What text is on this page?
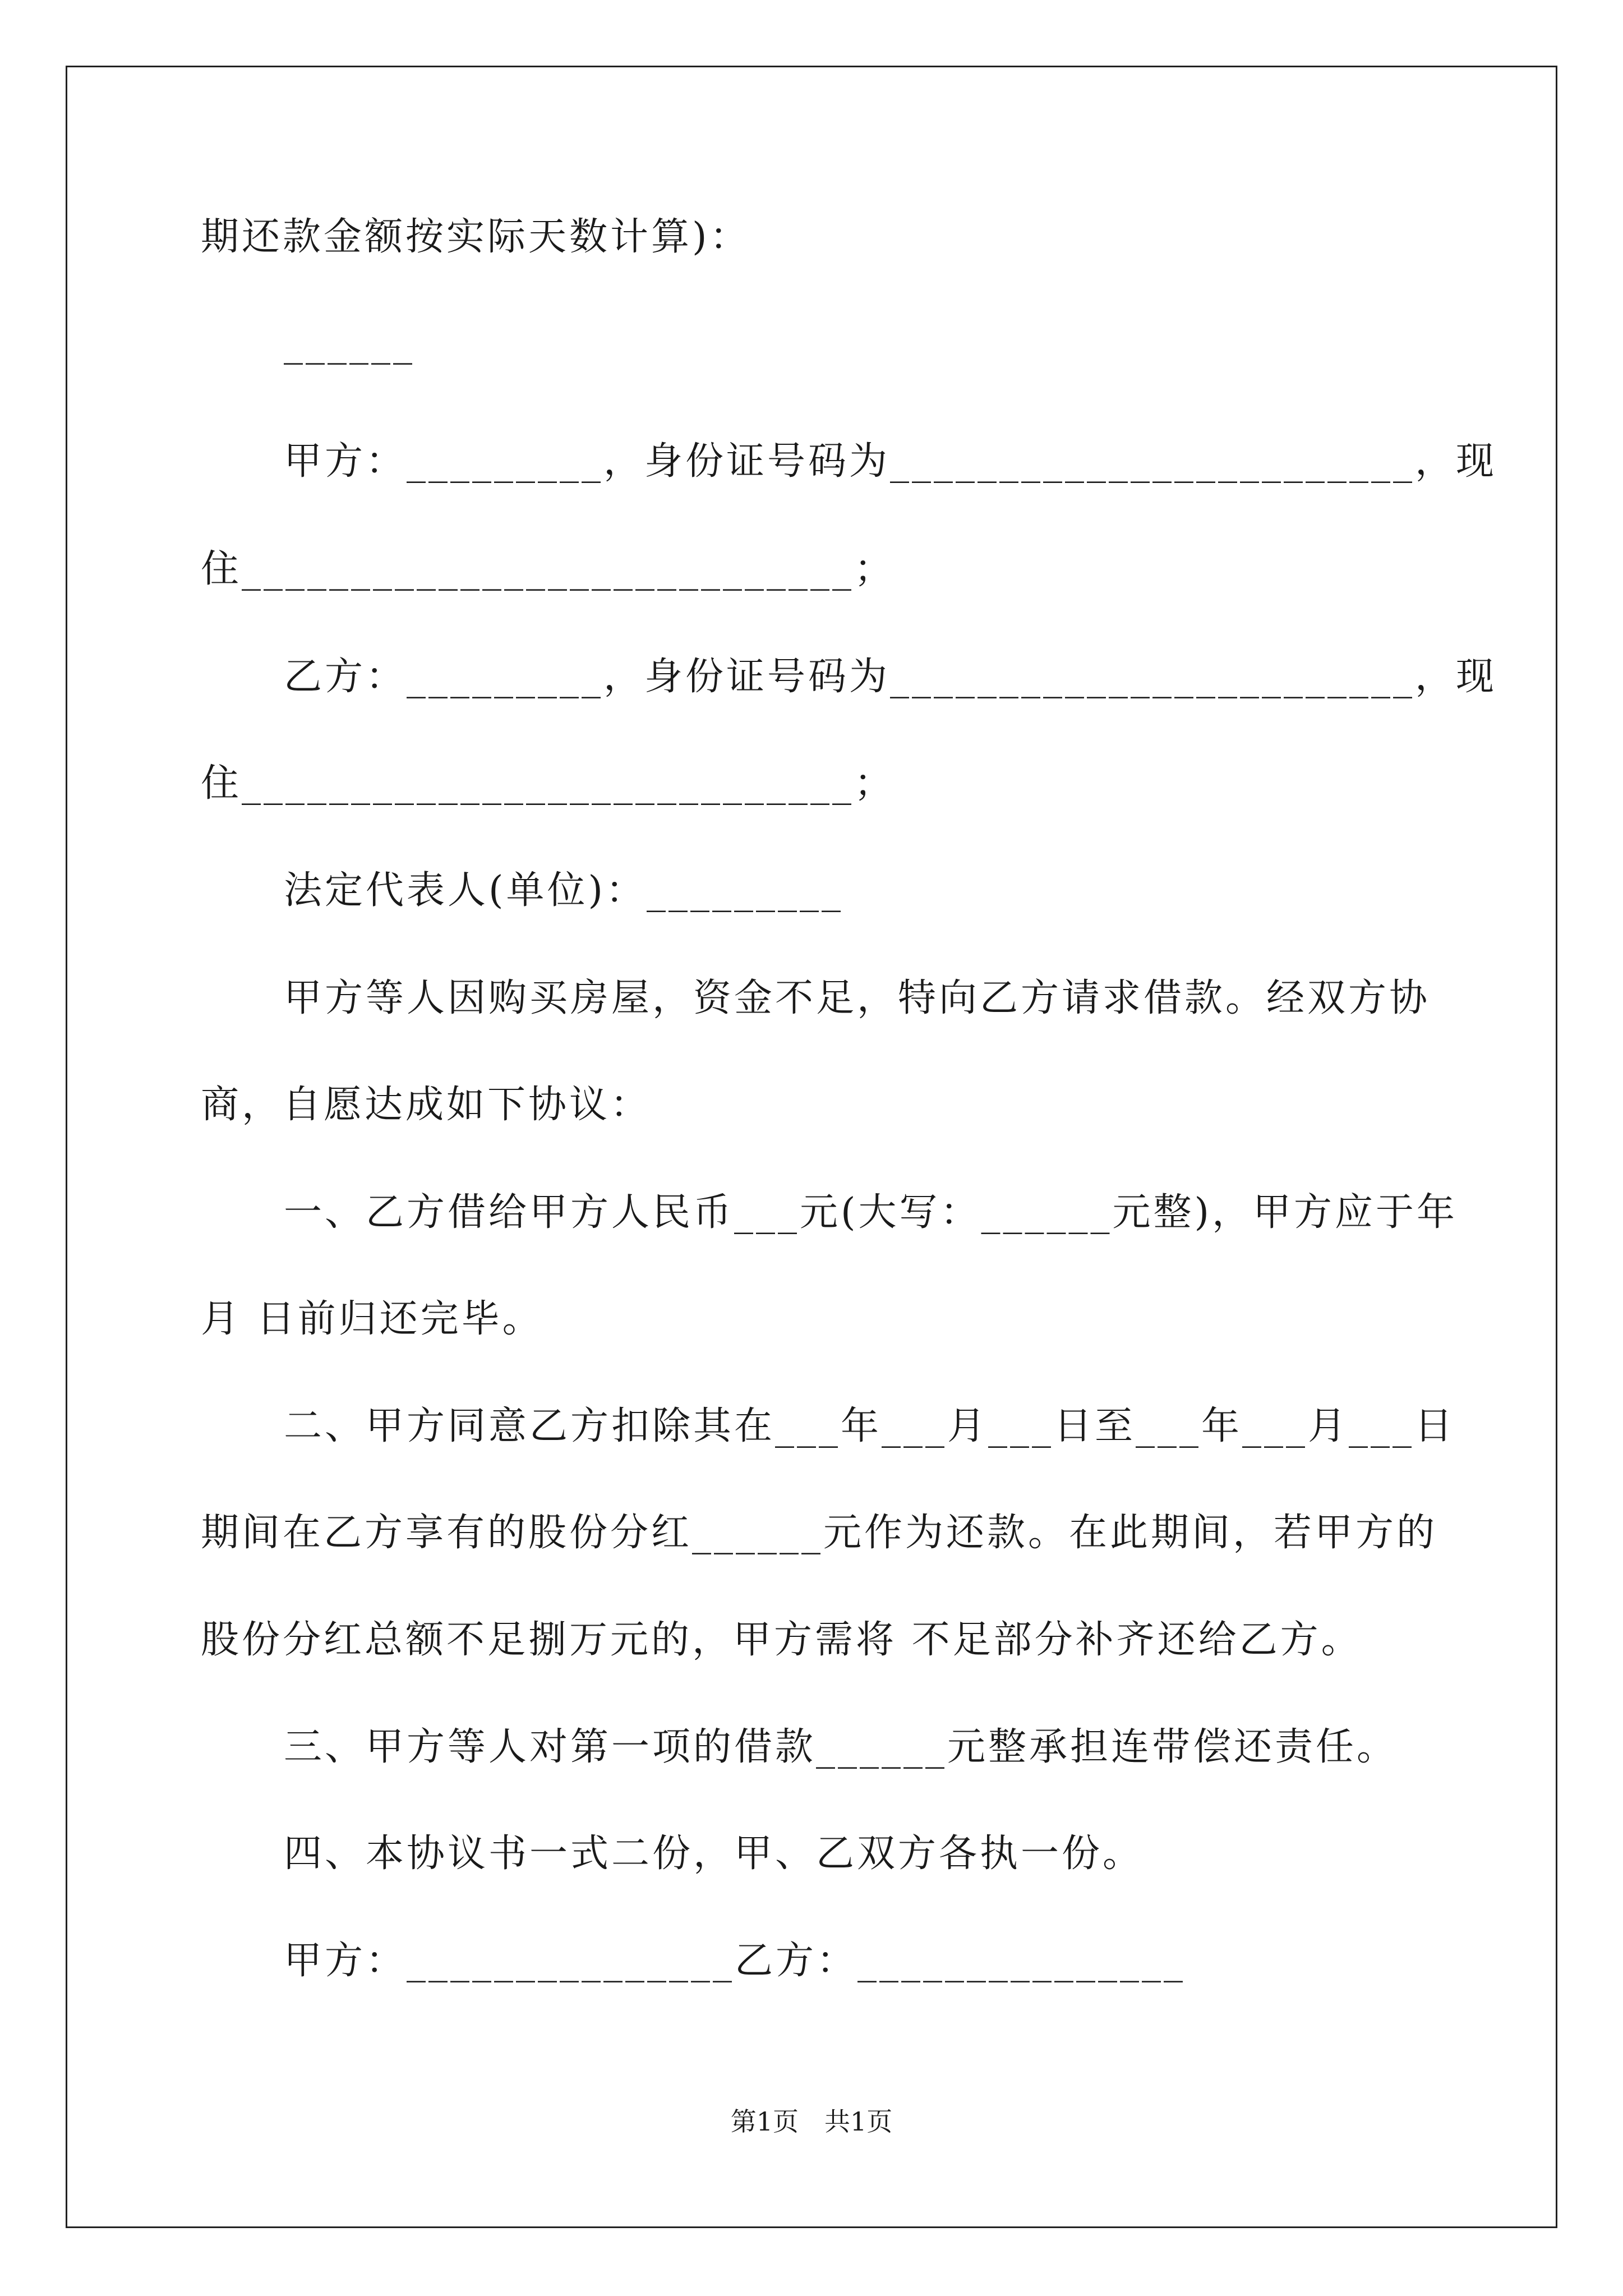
期还款金额按实际天数计算)：
______
甲方：_________，身份证号码为________________________，现
住____________________________；
乙方：_________，身份证号码为________________________，现
住____________________________；
法定代表人(单位)：_________
甲方等人因购买房屋，资金不足，特向乙方请求借款。经双方协
商，自愿达成如下协议：
一、乙方借给甲方人民币___元(大写：______元整)，甲方应于年
月 日前归还完毕。
二、甲方同意乙方扣除其在___年___月___日至___年___月___日
期间在乙方享有的股份分红______元作为还款。在此期间，若甲方的
股份分红总额不足捌万元的，甲方需将 不足部分补齐还给乙方。
三、甲方等人对第一项的借款______元整承担连带偿还责任。
四、本协议书一式二份，甲、乙双方各执一份。
甲方：_______________乙方：_______________
第1页　共1页
